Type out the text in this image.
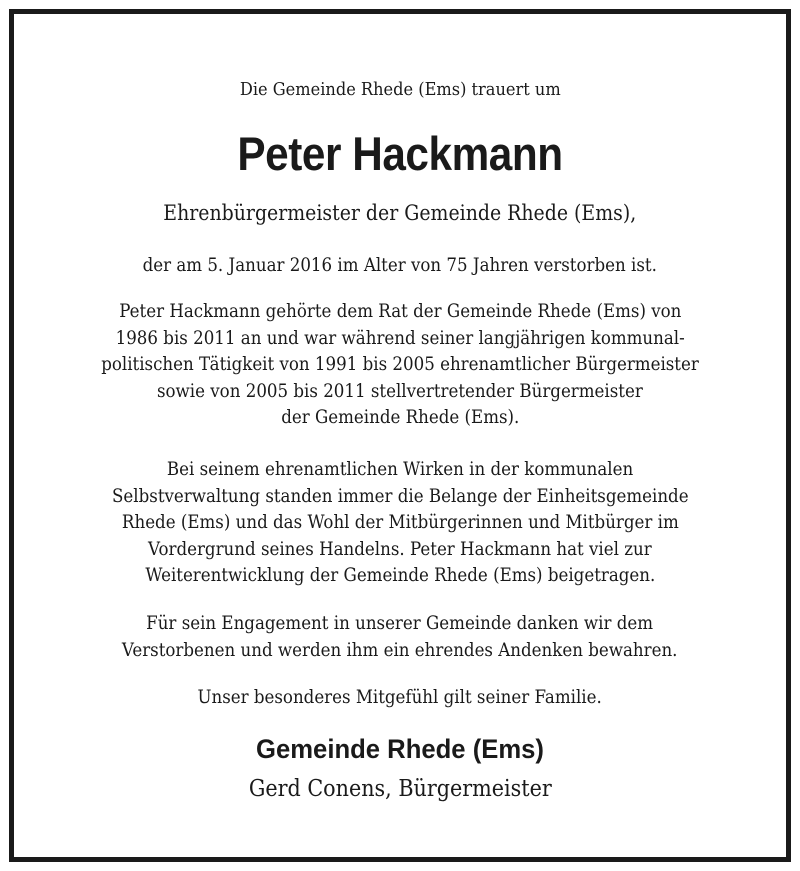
Die Gemeinde Rhede (Ems) trauert um
Peter Hackmann
Ehrenbürgermeister der Gemeinde Rhede (Ems),
der am 5. Januar 2016 im Alter von 75 Jahren verstorben ist.
Peter Hackmann gehörte dem Rat der Gemeinde Rhede (Ems) von
1986 bis 2011 an und war während seiner langjährigen kommunal-
politischen Tätigkeit von 1991 bis 2005 ehrenamtlicher Bürgermeister
sowie von 2005 bis 2011 stellvertretender Bürgermeister
der Gemeinde Rhede (Ems).
Bei seinem ehrenamtlichen Wirken in der kommunalen
Selbstverwaltung standen immer die Belange der Einheitsgemeinde
Rhede (Ems) und das Wohl der Mitbürgerinnen und Mitbürger im
Vordergrund seines Handelns. Peter Hackmann hat viel zur
Weiterentwicklung der Gemeinde Rhede (Ems) beigetragen.
Für sein Engagement in unserer Gemeinde danken wir dem
Verstorbenen und werden ihm ein ehrendes Andenken bewahren.
Unser besonderes Mitgefühl gilt seiner Familie.
Gemeinde Rhede (Ems)
Gerd Conens, Bürgermeister
